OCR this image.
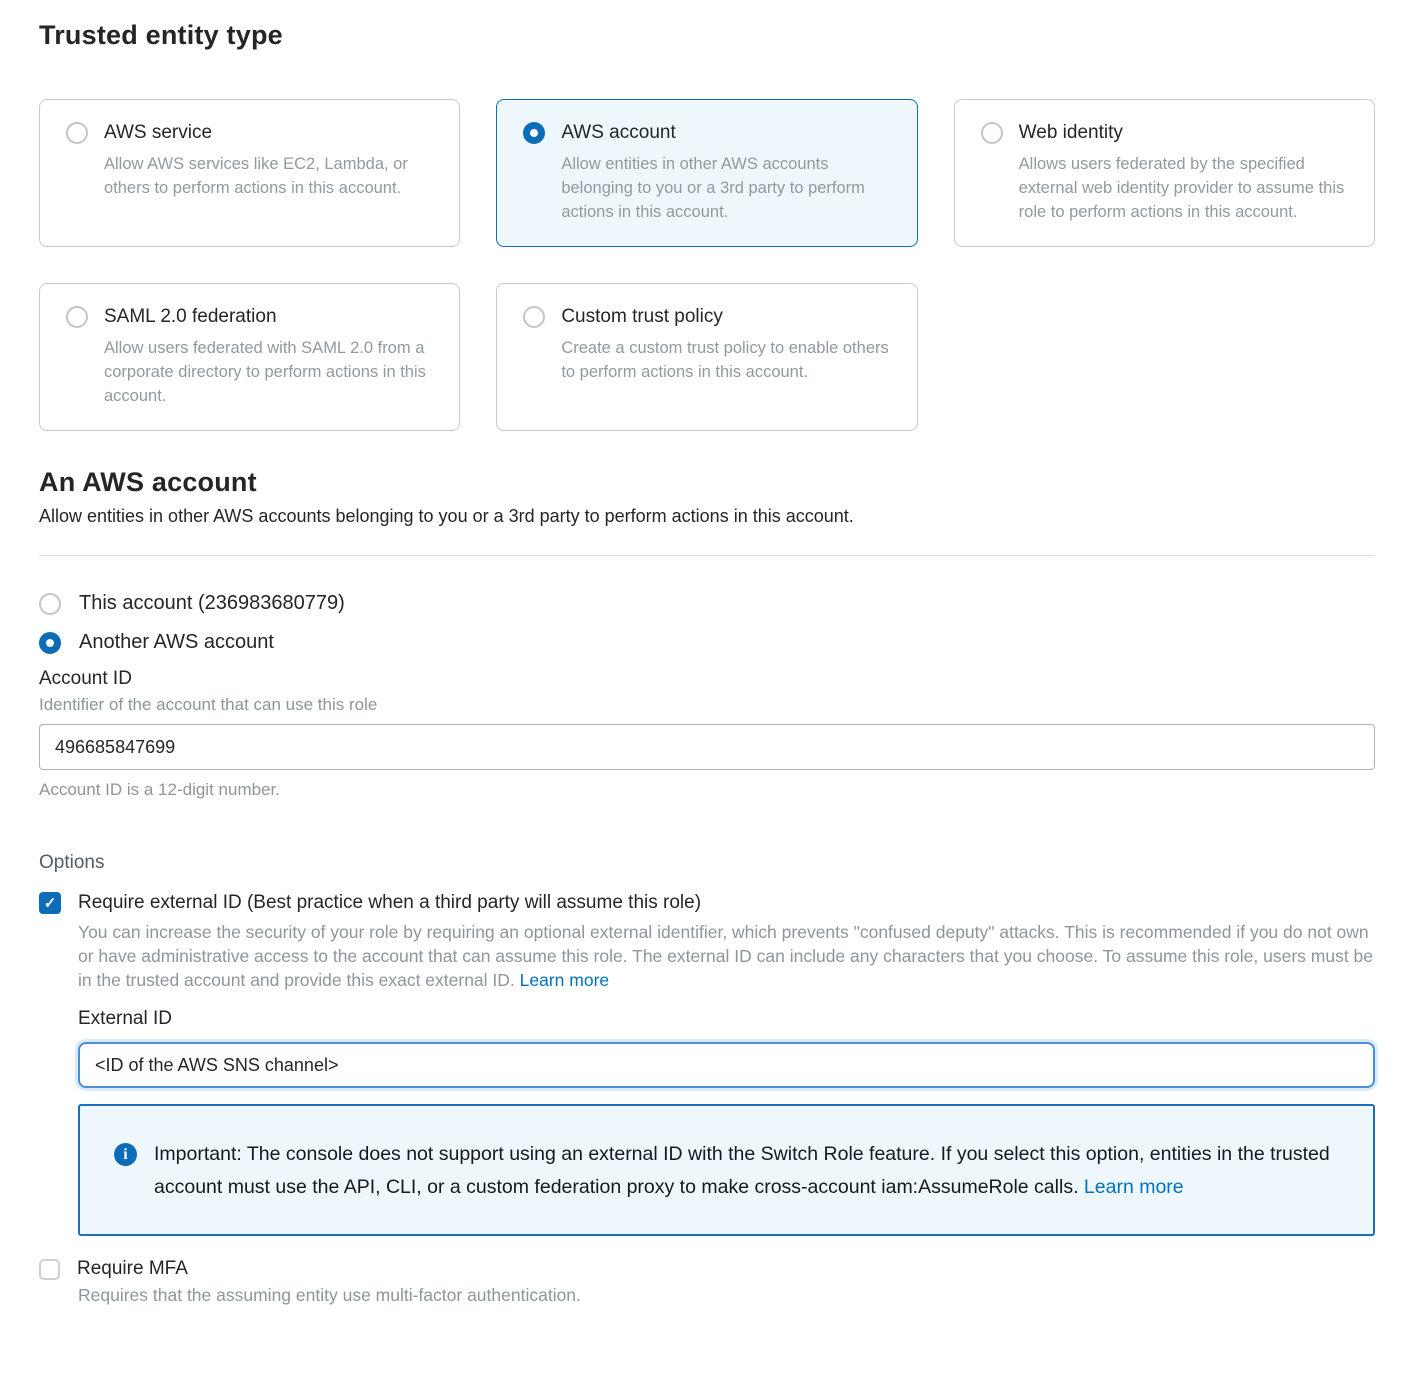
Trusted entity type
AWS service
Allow AWS services like EC2, Lambda, or others to perform actions in this account.
AWS account
Allow entities in other AWS accounts belonging to you or a 3rd party to perform actions in this account.
Web identity
Allows users federated by the specified external web identity provider to assume this role to perform actions in this account.
SAML 2.0 federation
Allow users federated with SAML 2.0 from a corporate directory to perform actions in this account.
Custom trust policy
Create a custom trust policy to enable others to perform actions in this account.
An AWS account

Allow entities in other AWS accounts belonging to you or a 3rd party to perform actions in this account.

This account (236983680779)
Another AWS account
Account ID
Identifier of the account that can use this role
496685847699
Account ID is a 12-digit number.
Options
✓ Require external ID (Best practice when a third party will assume this role)

You can increase the security of your role by requiring an optional external identifier, which prevents "confused deputy" attacks. This is recommended if you do not own or have administrative access to the account that can assume this role. The external ID can include any characters that you choose. To assume this role, users must be in the trusted account and provide this exact external ID. Learn more

External ID
<ID of the AWS SNS channel>
i	Important: The console does not support using an external ID with the Switch Role feature. If you select this option, entities in the trusted account must use the API, CLI, or a custom federation proxy to make cross-account iam:AssumeRole calls. Learn more

Require MFA
Requires that the assuming entity use multi-factor authentication.
